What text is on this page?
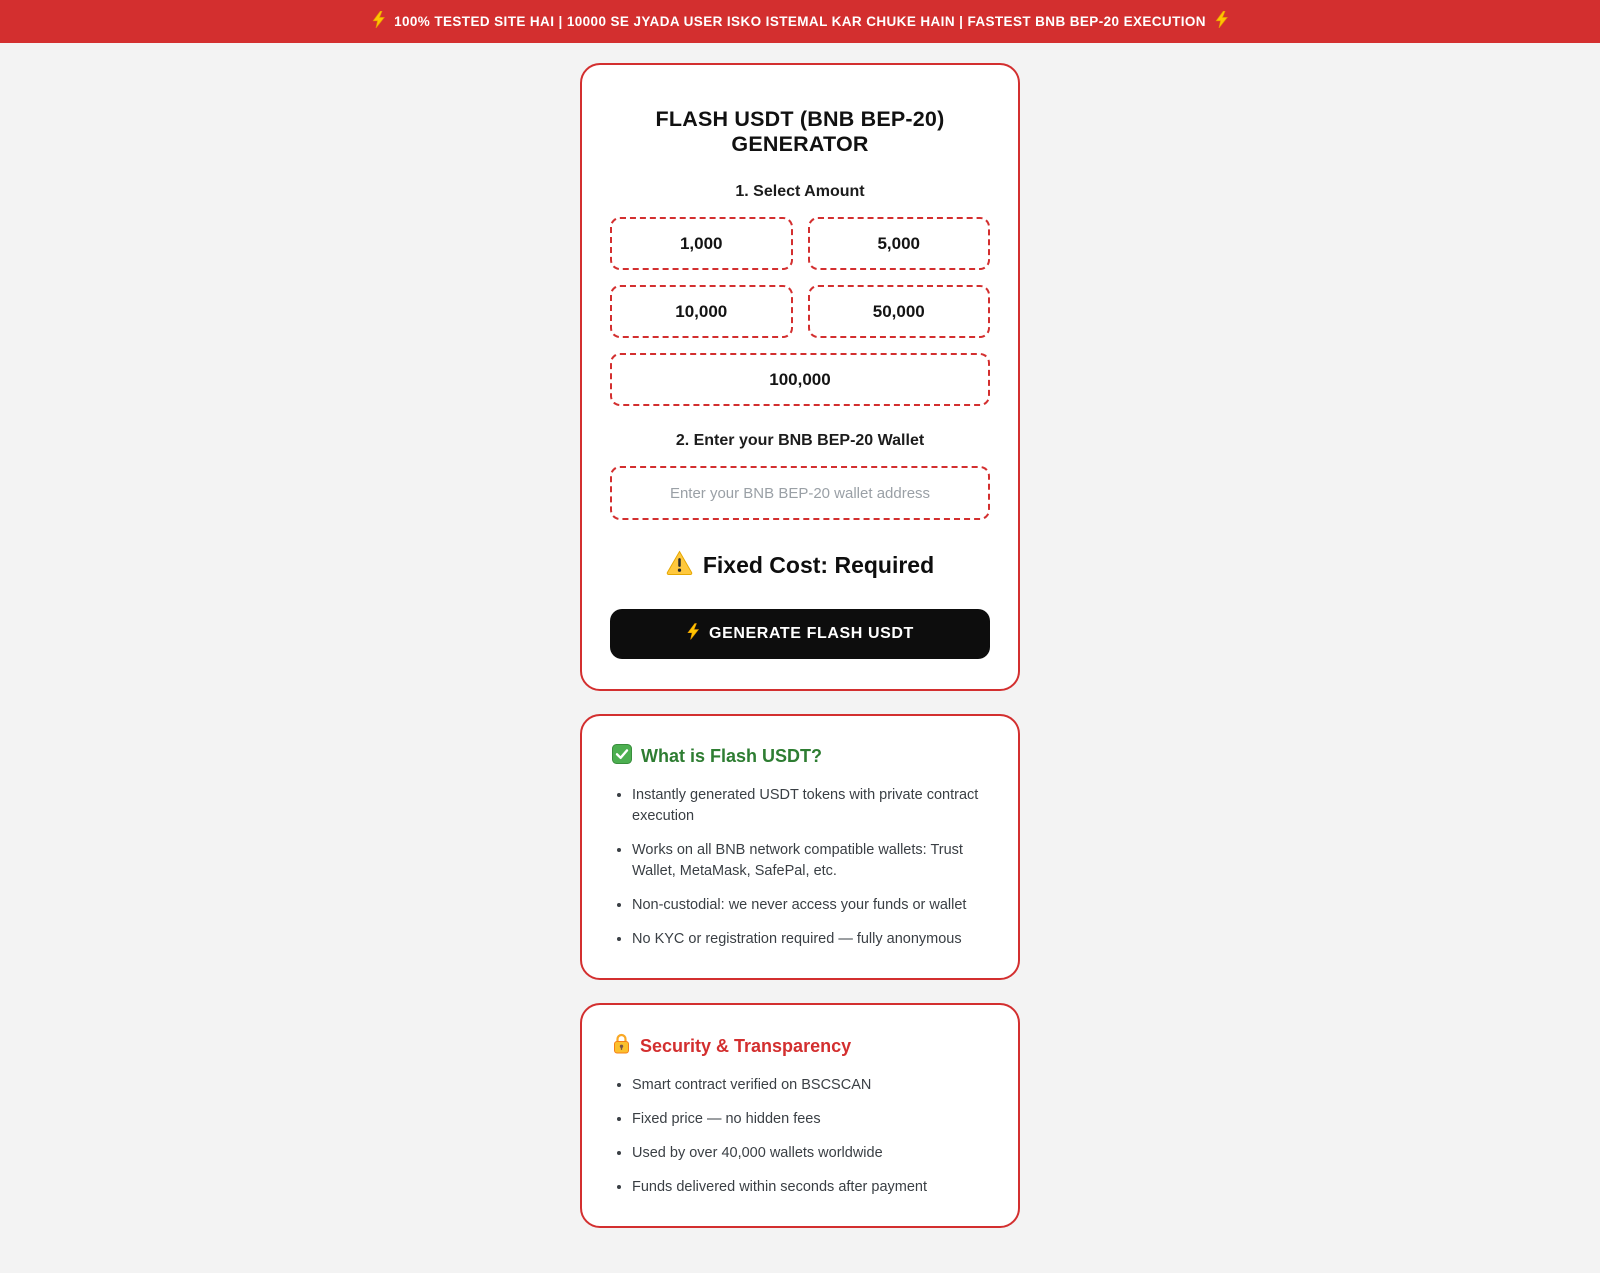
100% TESTED SITE HAI | 10000 SE JYADA USER ISKO ISTEMAL KAR CHUKE HAIN | FASTEST BNB BEP-20 EXECUTION
FLASH USDT (BNB BEP-20) GENERATOR
1. Select Amount
1,000	5,000
10,000	50,000
100,000
2. Enter your BNB BEP-20 Wallet
Enter your BNB BEP-20 wallet address
Fixed Cost: Required
GENERATE FLASH USDT
What is Flash USDT?
• Instantly generated USDT tokens with private contract execution
• Works on all BNB network compatible wallets: Trust Wallet, MetaMask, SafePal, etc.
• Non-custodial: we never access your funds or wallet
• No KYC or registration required — fully anonymous
Security & Transparency
• Smart contract verified on BSCSCAN
• Fixed price — no hidden fees
• Used by over 40,000 wallets worldwide
• Funds delivered within seconds after payment
